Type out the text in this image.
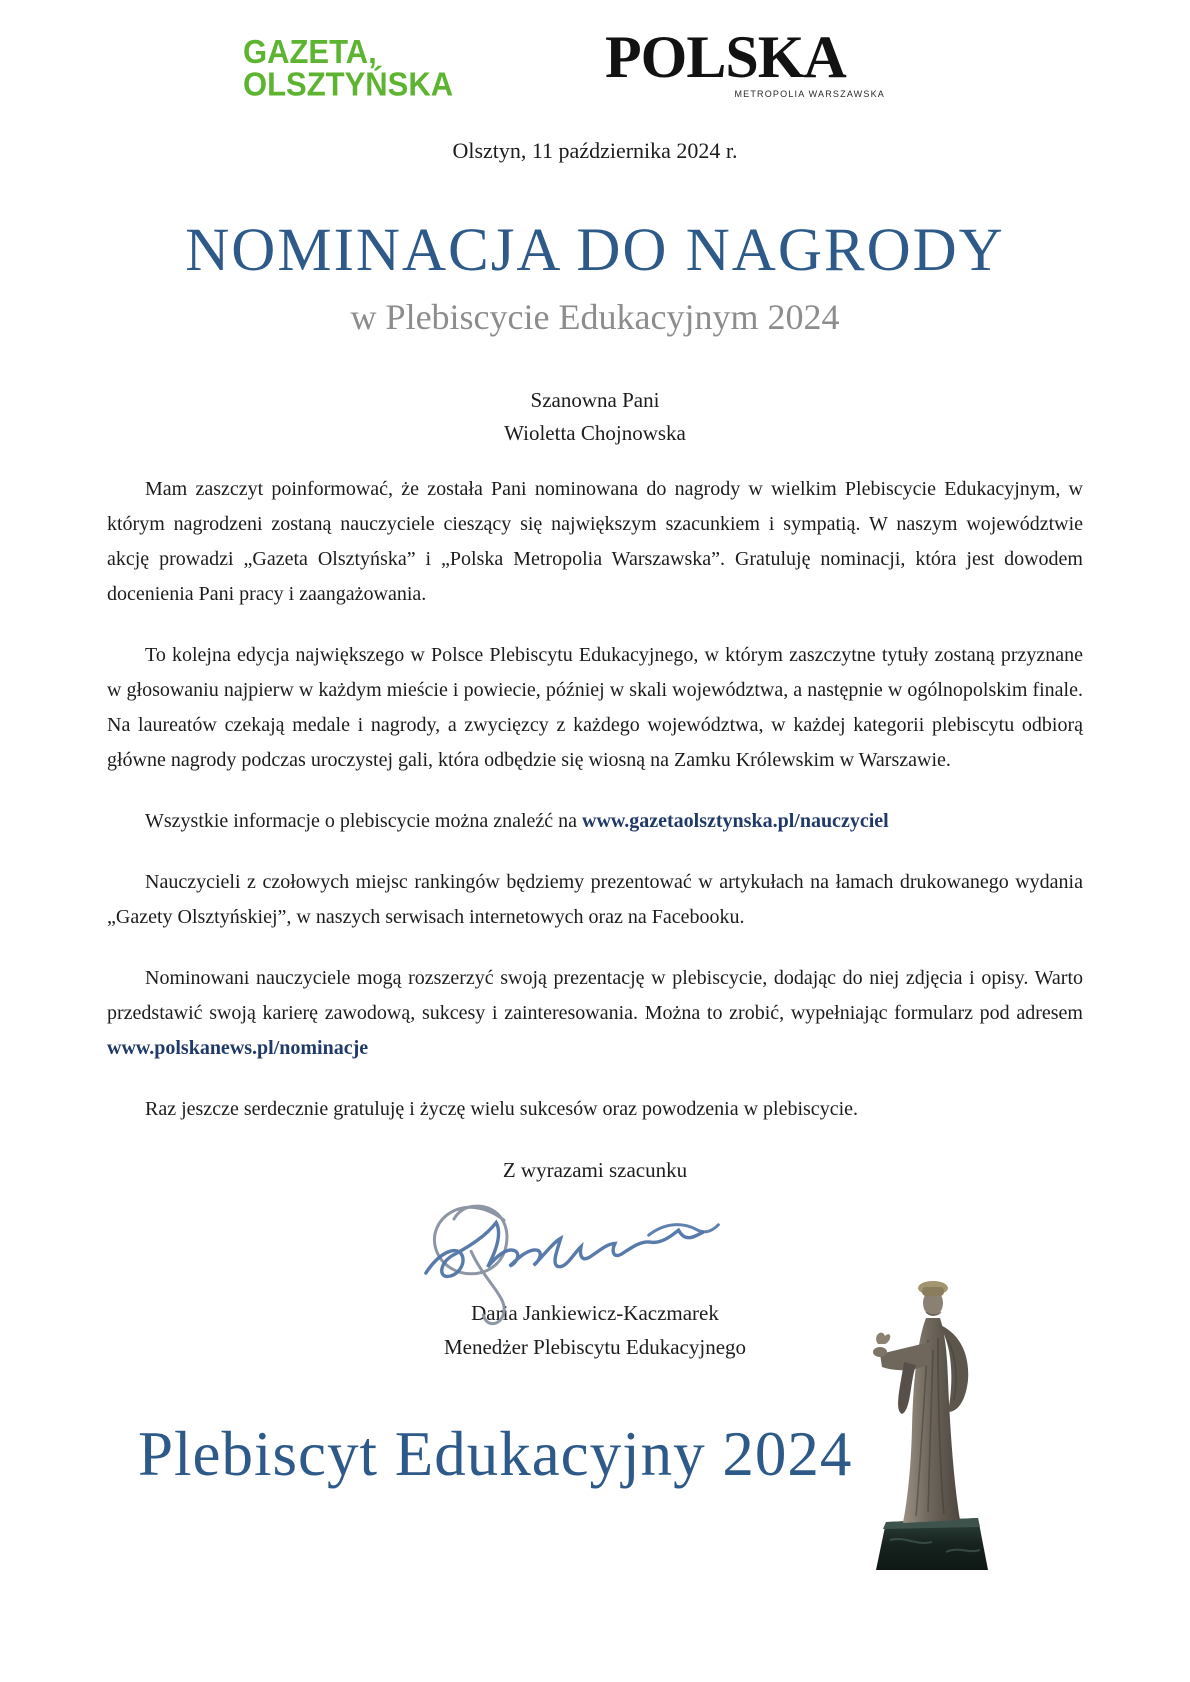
GAZETA,
OLSZTYŃSKA	POLSKA
METROPOLIA WARSZAWSKA
Olsztyn, 11 października 2024 r.
NOMINACJA DO NAGRODY
w Plebiscycie Edukacyjnym 2024
Szanowna Pani
Wioletta Chojnowska

Mam zaszczyt poinformować, że została Pani nominowana do nagrody w wielkim Plebiscycie Edukacyjnym, w którym nagrodzeni zostaną nauczyciele cieszący się największym szacunkiem i sympatią. W naszym województwie akcję prowadzi „Gazeta Olsztyńska” i „Polska Metropolia Warszawska”. Gratuluję nominacji, która jest dowodem docenienia Pani pracy i zaangażowania.

To kolejna edycja największego w Polsce Plebiscytu Edukacyjnego, w którym zaszczytne tytuły zostaną przyznane w głosowaniu najpierw w każdym mieście i powiecie, później w skali województwa, a następnie w ogólnopolskim finale. Na laureatów czekają medale i nagrody, a zwycięzcy z każdego województwa, w każdej kategorii plebiscytu odbiorą główne nagrody podczas uroczystej gali, która odbędzie się wiosną na Zamku Królewskim w Warszawie.

Wszystkie informacje o plebiscycie można znaleźć na www.gazetaolsztynska.pl/nauczyciel

Nauczycieli z czołowych miejsc rankingów będziemy prezentować w artykułach na łamach drukowanego wydania „Gazety Olsztyńskiej”, w naszych serwisach internetowych oraz na Facebooku.

Nominowani nauczyciele mogą rozszerzyć swoją prezentację w plebiscycie, dodając do niej zdjęcia i opisy. Warto przedstawić swoją karierę zawodową, sukcesy i zainteresowania. Można to zrobić, wypełniając formularz pod adresem www.polskanews.pl/nominacje

Raz jeszcze serdecznie gratuluję i życzę wielu sukcesów oraz powodzenia w plebiscycie.

Z wyrazami szacunku
Daria Jankiewicz-Kaczmarek
Menedżer Plebiscytu Edukacyjnego
Plebiscyt Edukacyjny 2024
